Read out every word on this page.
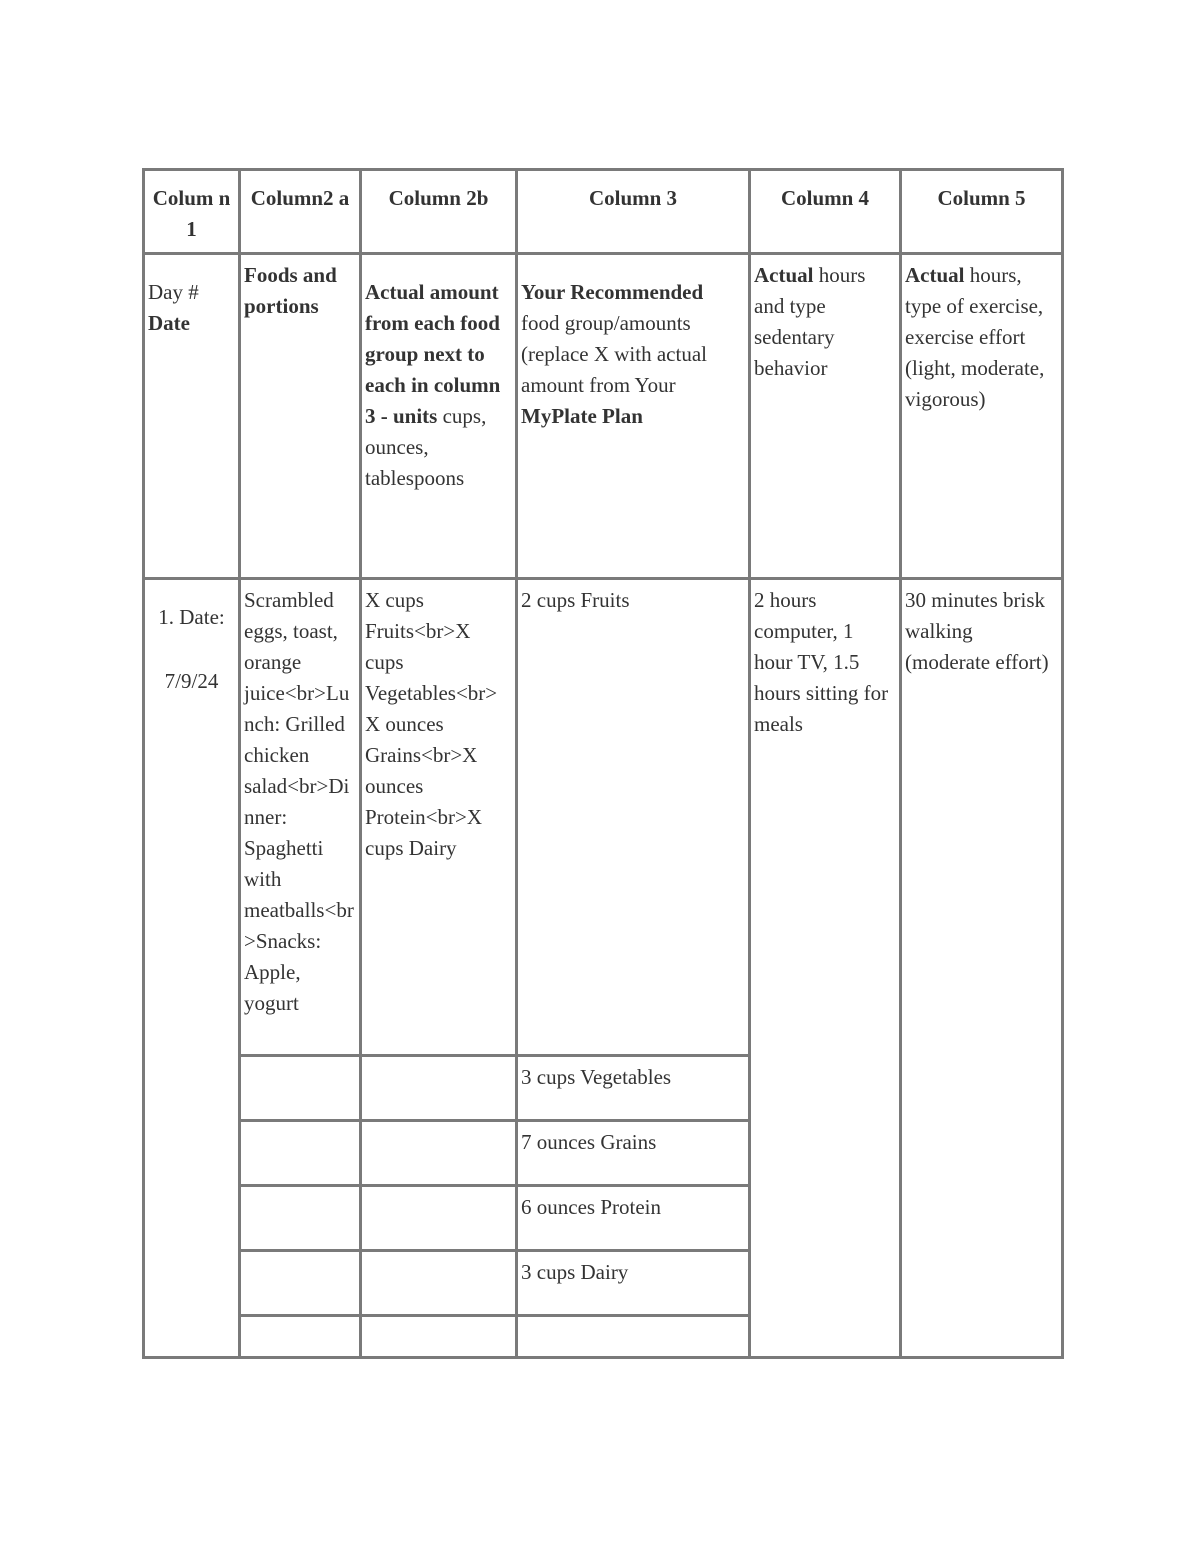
Colum n 1	Column2 a	Column 2b	Column 3	Column 4	Column 5

Day #
Date	Foods and portions	Actual amount from each food group next to each in column 3 - units cups, ounces, tablespoons	Your Recommended food group/amounts (replace X with actual amount from Your MyPlate Plan	Actual hours and type sedentary behavior	Actual hours, type of exercise, exercise effort (light, moderate, vigorous)

1. Date:

7/9/24	Scrambled eggs, toast, orange juice<br>Lunch: Grilled chicken salad<br>Dinner: Spaghetti with meatballs<br>Snacks: Apple, yogurt	X cups Fruits<br>X cups Vegetables<br>X ounces Grains<br>X ounces Protein<br>X cups Dairy	2 cups Fruits	2 hours computer, 1 hour TV, 1.5 hours sitting for meals	30 minutes brisk walking (moderate effort)
			3 cups Vegetables		
			7 ounces Grains		
			6 ounces Protein		
			3 cups Dairy		
